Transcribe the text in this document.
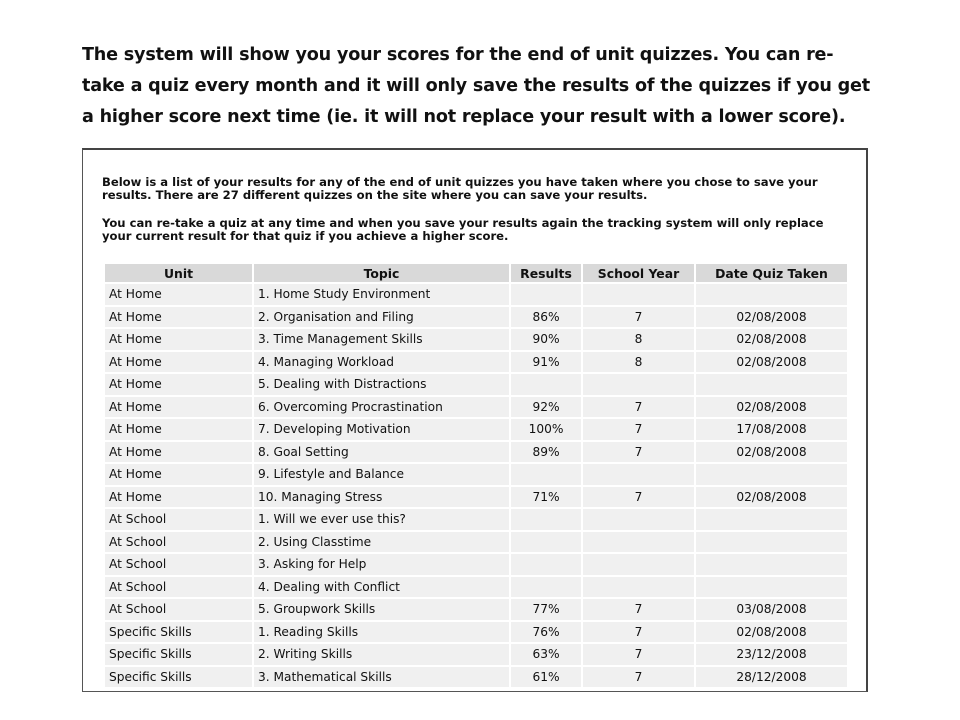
The system will show you your scores for the end of unit quizzes. You can re-take a quiz every month and it will only save the results of the quizzes if you get a higher score next time (ie. it will not replace your result with a lower score).

Below is a list of your results for any of the end of unit quizzes you have taken where you chose to save your results. There are 27 different quizzes on the site where you can save your results.

You can re-take a quiz at any time and when you save your results again the tracking system will only replace your current result for that quiz if you achieve a higher score.

Unit	Topic	Results	School Year	Date Quiz Taken
At Home	1. Home Study Environment			
At Home	2. Organisation and Filing	86%	7	02/08/2008
At Home	3. Time Management Skills	90%	8	02/08/2008
At Home	4. Managing Workload	91%	8	02/08/2008
At Home	5. Dealing with Distractions			
At Home	6. Overcoming Procrastination	92%	7	02/08/2008
At Home	7. Developing Motivation	100%	7	17/08/2008
At Home	8. Goal Setting	89%	7	02/08/2008
At Home	9. Lifestyle and Balance			
At Home	10. Managing Stress	71%	7	02/08/2008
At School	1. Will we ever use this?			
At School	2. Using Classtime			
At School	3. Asking for Help			
At School	4. Dealing with Conflict			
At School	5. Groupwork Skills	77%	7	03/08/2008
Specific Skills	1. Reading Skills	76%	7	02/08/2008
Specific Skills	2. Writing Skills	63%	7	23/12/2008
Specific Skills	3. Mathematical Skills	61%	7	28/12/2008
